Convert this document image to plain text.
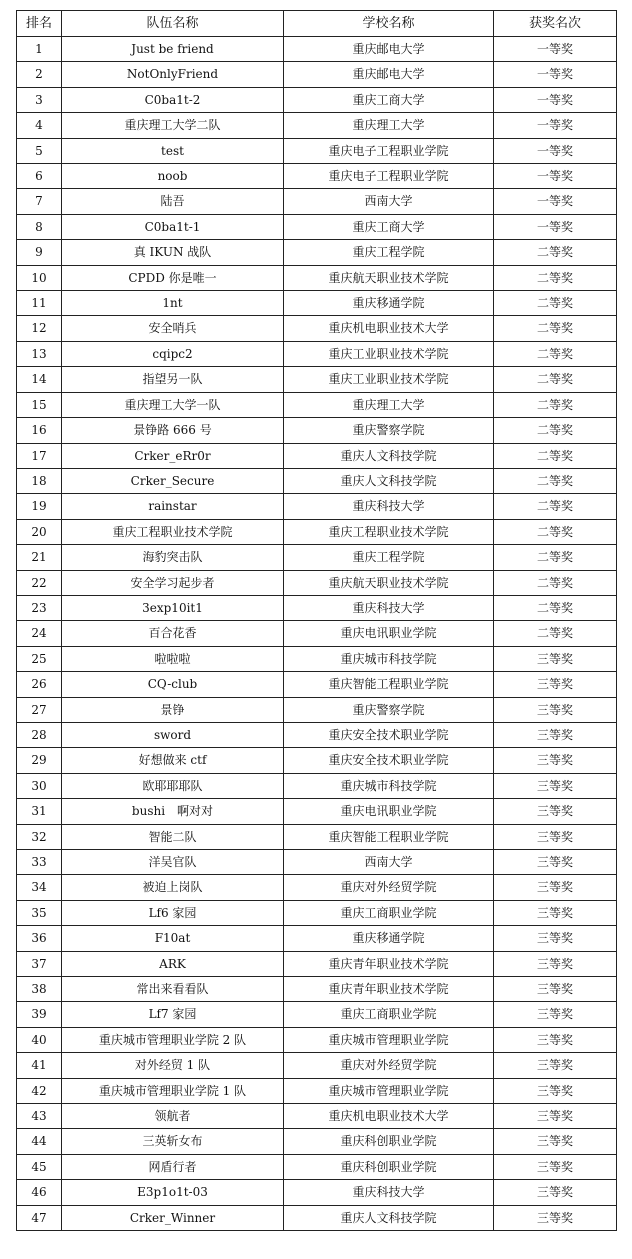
排名	队伍名称	学校名称	获奖名次
1	Just be friend	重庆邮电大学	一等奖
2	NotOnlyFriend	重庆邮电大学	一等奖
3	C0ba1t-2	重庆工商大学	一等奖
4	重庆理工大学二队	重庆理工大学	一等奖
5	test	重庆电子工程职业学院	一等奖
6	noob	重庆电子工程职业学院	一等奖
7	陆吾	西南大学	一等奖
8	C0ba1t-1	重庆工商大学	一等奖
9	真 IKUN 战队	重庆工程学院	二等奖
10	CPDD 你是唯一	重庆航天职业技术学院	二等奖
11	1nt	重庆移通学院	二等奖
12	安全哨兵	重庆机电职业技术大学	二等奖
13	cqipc2	重庆工业职业技术学院	二等奖
14	指望另一队	重庆工业职业技术学院	二等奖
15	重庆理工大学一队	重庆理工大学	二等奖
16	景铮路 666 号	重庆警察学院	二等奖
17	Crker_eRr0r	重庆人文科技学院	二等奖
18	Crker_Secure	重庆人文科技学院	二等奖
19	rainstar	重庆科技大学	二等奖
20	重庆工程职业技术学院	重庆工程职业技术学院	二等奖
21	海豹突击队	重庆工程学院	二等奖
22	安全学习起步者	重庆航天职业技术学院	二等奖
23	3exp10it1	重庆科技大学	二等奖
24	百合花香	重庆电讯职业学院	二等奖
25	啦啦啦	重庆城市科技学院	三等奖
26	CQ-club	重庆智能工程职业学院	三等奖
27	景铮	重庆警察学院	三等奖
28	sword	重庆安全技术职业学院	三等奖
29	好想做来 ctf	重庆安全技术职业学院	三等奖
30	欧耶耶耶队	重庆城市科技学院	三等奖
31	bushi　啊对对	重庆电讯职业学院	三等奖
32	智能二队	重庆智能工程职业学院	三等奖
33	洋吴官队	西南大学	三等奖
34	被迫上岗队	重庆对外经贸学院	三等奖
35	Lf6 家园	重庆工商职业学院	三等奖
36	F10at	重庆移通学院	三等奖
37	ARK	重庆青年职业技术学院	三等奖
38	常出来看看队	重庆青年职业技术学院	三等奖
39	Lf7 家园	重庆工商职业学院	三等奖
40	重庆城市管理职业学院 2 队	重庆城市管理职业学院	三等奖
41	对外经贸 1 队	重庆对外经贸学院	三等奖
42	重庆城市管理职业学院 1 队	重庆城市管理职业学院	三等奖
43	领航者	重庆机电职业技术大学	三等奖
44	三英斩女布	重庆科创职业学院	三等奖
45	网盾行者	重庆科创职业学院	三等奖
46	E3p1o1t-03	重庆科技大学	三等奖
47	Crker_Winner	重庆人文科技学院	三等奖
